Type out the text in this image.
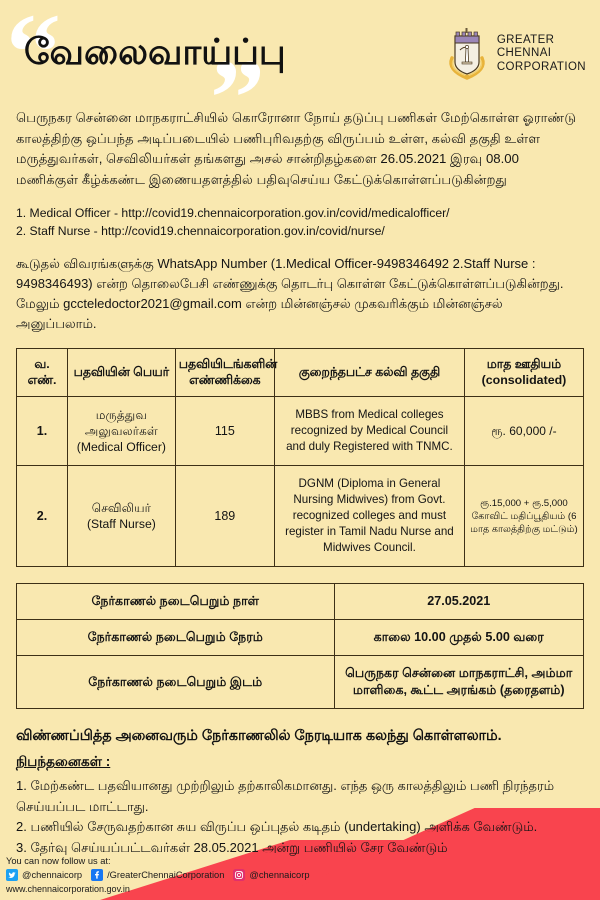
“ ”
வேலைவாய்ப்பு	GREATER
CHENNAI
CORPORATION

பெருநகர சென்னை மாநகராட்சியில் கொரோனா நோய் தடுப்பு பணிகள் மேற்கொள்ள ஓராண்டு காலத்திற்கு ஒப்பந்த அடிப்படையில் பணிபுரிவதற்கு விருப்பம் உள்ள, கல்வி தகுதி உள்ள மருத்துவர்கள், செவிலியர்கள் தங்களது அசல் சான்றிதழ்களை 26.05.2021 இரவு 08.00 மணிக்குள் கீழ்க்கண்ட இணையதளத்தில் பதிவுசெய்ய கேட்டுக்கொள்ளப்படுகின்றது

1. Medical Officer - http://covid19.chennaicorporation.gov.in/covid/medicalofficer/
2. Staff Nurse - http://covid19.chennaicorporation.gov.in/covid/nurse/

கூடுதல் விவரங்களுக்கு WhatsApp Number (1.Medical Officer-9498346492 2.Staff Nurse : 9498346493) என்ற தொலைபேசி எண்ணுக்கு தொடர்பு கொள்ள கேட்டுக்கொள்ளப்படுகின்றது. மேலும் gccteledoctor2021@gmail.com என்ற மின்னஞ்சல் முகவரிக்கும் மின்னஞ்சல் அனுப்பலாம்.

வ.
எண்.	பதவியின் பெயர்	பதவியிடங்களின்
எண்ணிக்கை	குறைந்தபட்ச கல்வி தகுதி	மாத ஊதியம்
(consolidated)
1.	மருத்துவ அலுவலர்கள்
(Medical Officer)	115	MBBS from Medical colleges recognized by Medical Council and duly Registered with TNMC.	ரூ. 60,000 /-
2.	செவிலியர்
(Staff Nurse)	189	DGNM (Diploma in General Nursing Midwives) from Govt. recognized colleges and must register in Tamil Nadu Nurse and Midwives Council.	ரூ.15,000 + ரூ.5,000
கோவிட் மதிப்பூதியம் (6 மாத காலத்திற்கு மட்டும்)
நேர்காணல் நடைபெறும் நாள்	27.05.2021
நேர்காணல் நடைபெறும் நேரம்	காலை 10.00 முதல் 5.00 வரை
நேர்காணல் நடைபெறும் இடம்	பெருநகர சென்னை மாநகராட்சி, அம்மா மாளிகை, கூட்ட அரங்கம் (தரைதளம்)
விண்ணப்பித்த அனைவரும் நேர்காணலில் நேரடியாக கலந்து கொள்ளலாம்.
நிபந்தனைகள் :
1. மேற்கண்ட பதவியானது முற்றிலும் தற்காலிகமானது. எந்த ஒரு காலத்திலும் பணி நிரந்தரம் செய்யப்பட மாட்டாது.
2. பணியில் சேருவதற்கான சுய விருப்ப ஒப்புதல் கடிதம் (undertaking) அளிக்க வேண்டும்.
3. தேர்வு செய்யப்பட்டவர்கள் 28.05.2021 அன்று பணியில் சேர வேண்டும்
You can now follow us at:
@chennaicorp	/GreaterChennaiCorporation	@chennaicorp
www.chennaicorporation.gov.in
